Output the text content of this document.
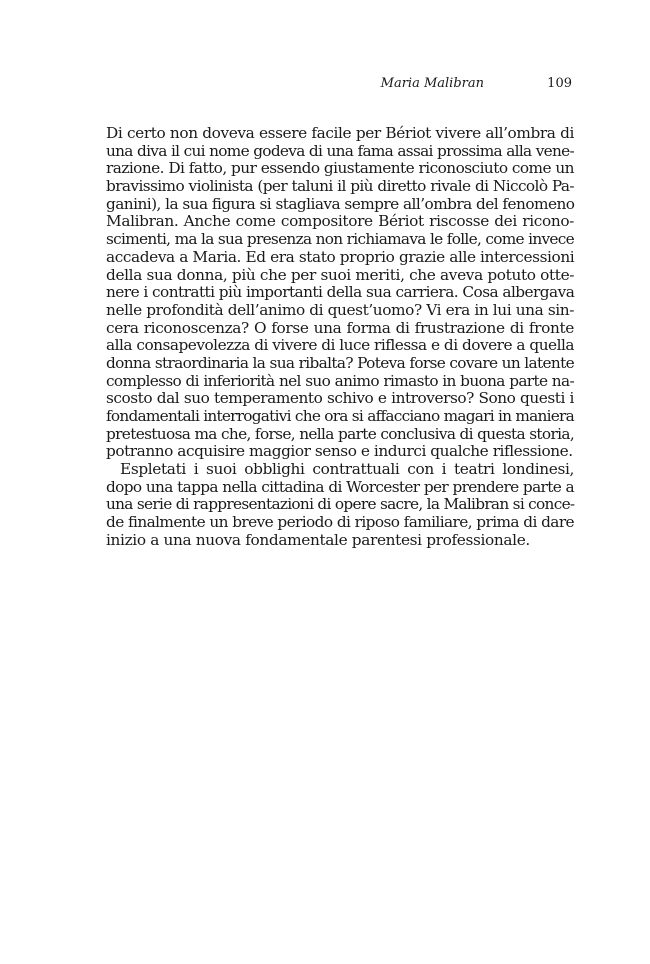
Maria Malibran	109
Di certo non doveva essere facile per Bériot vivere all’ombra di
una diva il cui nome godeva di una fama assai prossima alla vene-
razione. Di fatto, pur essendo giustamente riconosciuto come un
bravissimo violinista (per taluni il più diretto rivale di Niccolò Pa-
ganini), la sua figura si stagliava sempre all’ombra del fenomeno
Malibran. Anche come compositore Bériot riscosse dei ricono-
scimenti, ma la sua presenza non richiamava le folle, come invece
accadeva a Maria. Ed era stato proprio grazie alle intercessioni
della sua donna, più che per suoi meriti, che aveva potuto otte-
nere i contratti più importanti della sua carriera. Cosa albergava
nelle profondità dell’animo di quest’uomo? Vi era in lui una sin-
cera riconoscenza? O forse una forma di frustrazione di fronte
alla consapevolezza di vivere di luce riflessa e di dovere a quella
donna straordinaria la sua ribalta? Poteva forse covare un latente
complesso di inferiorità nel suo animo rimasto in buona parte na-
scosto dal suo temperamento schivo e introverso? Sono questi i
fondamentali interrogativi che ora si affacciano magari in maniera
pretestuosa ma che, forse, nella parte conclusiva di questa storia,
potranno acquisire maggior senso e indurci qualche riflessione.
Espletati i suoi obblighi contrattuali con i teatri londinesi,
dopo una tappa nella cittadina di Worcester per prendere parte a
una serie di rappresentazioni di opere sacre, la Malibran si conce-
de finalmente un breve periodo di riposo familiare, prima di dare
inizio a una nuova fondamentale parentesi professionale.
